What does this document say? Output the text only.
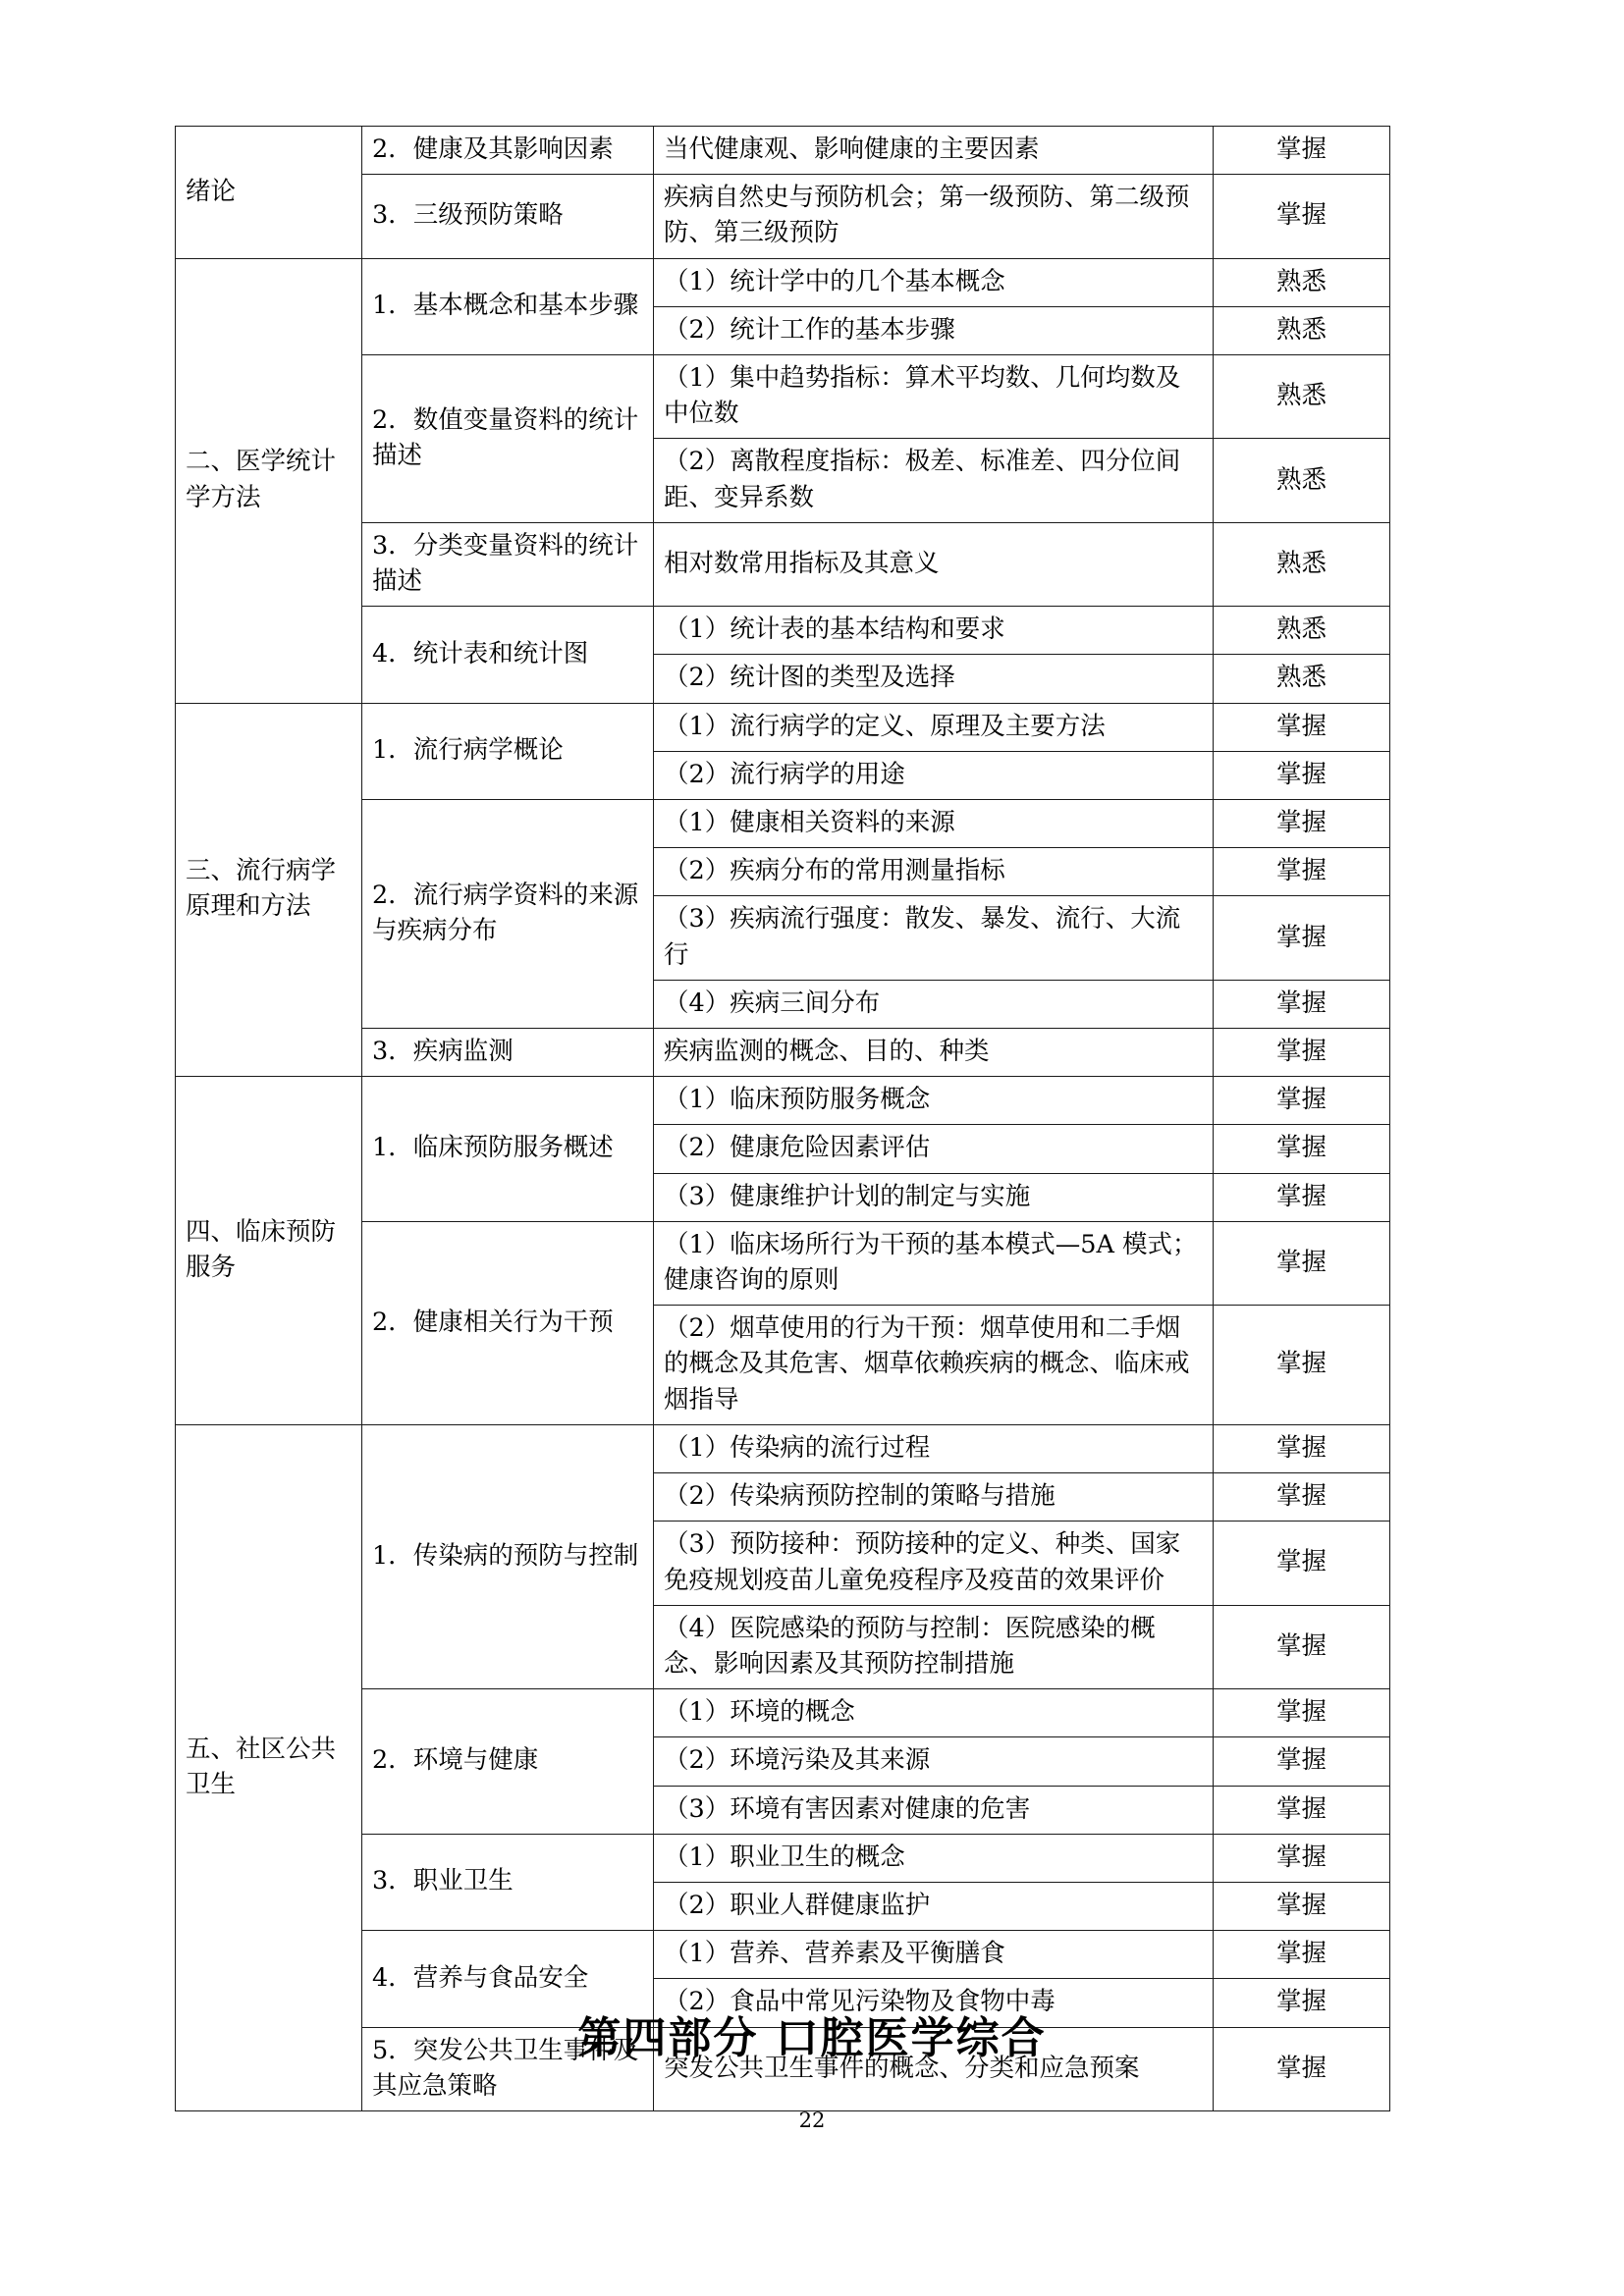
绪论	2．健康及其影响因素	当代健康观、影响健康的主要因素	掌握
	3．三级预防策略	疾病自然史与预防机会；第一级预防、第二级预防、第三级预防	掌握
二、医学统计学方法	1．基本概念和基本步骤	（1）统计学中的几个基本概念	熟悉
		（2）统计工作的基本步骤	熟悉
	2．数值变量资料的统计描述	（1）集中趋势指标：算术平均数、几何均数及中位数	熟悉
		（2）离散程度指标：极差、标准差、四分位间距、变异系数	熟悉
	3．分类变量资料的统计描述	相对数常用指标及其意义	熟悉
	4．统计表和统计图	（1）统计表的基本结构和要求	熟悉
		（2）统计图的类型及选择	熟悉
三、流行病学原理和方法	1．流行病学概论	（1）流行病学的定义、原理及主要方法	掌握
		（2）流行病学的用途	掌握
	2．流行病学资料的来源与疾病分布	（1）健康相关资料的来源	掌握
		（2）疾病分布的常用测量指标	掌握
		（3）疾病流行强度：散发、暴发、流行、大流行	掌握
		（4）疾病三间分布	掌握
	3．疾病监测	疾病监测的概念、目的、种类	掌握
四、临床预防服务	1．临床预防服务概述	（1）临床预防服务概念	掌握
		（2）健康危险因素评估	掌握
		（3）健康维护计划的制定与实施	掌握
	2．健康相关行为干预	（1）临床场所行为干预的基本模式—5A 模式；健康咨询的原则	掌握
		（2）烟草使用的行为干预：烟草使用和二手烟的概念及其危害、烟草依赖疾病的概念、临床戒烟指导	掌握
五、社区公共卫生	1．传染病的预防与控制	（1）传染病的流行过程	掌握
		（2）传染病预防控制的策略与措施	掌握
		（3）预防接种：预防接种的定义、种类、国家免疫规划疫苗儿童免疫程序及疫苗的效果评价	掌握
		（4）医院感染的预防与控制：医院感染的概念、影响因素及其预防控制措施	掌握
	2．环境与健康	（1）环境的概念	掌握
		（2）环境污染及其来源	掌握
		（3）环境有害因素对健康的危害	掌握
	3．职业卫生	（1）职业卫生的概念	掌握
		（2）职业人群健康监护	掌握
	4．营养与食品安全	（1）营养、营养素及平衡膳食	掌握
		（2）食品中常见污染物及食物中毒	掌握
	5．突发公共卫生事件及其应急策略	突发公共卫生事件的概念、分类和应急预案	掌握
第四部分 口腔医学综合
22
